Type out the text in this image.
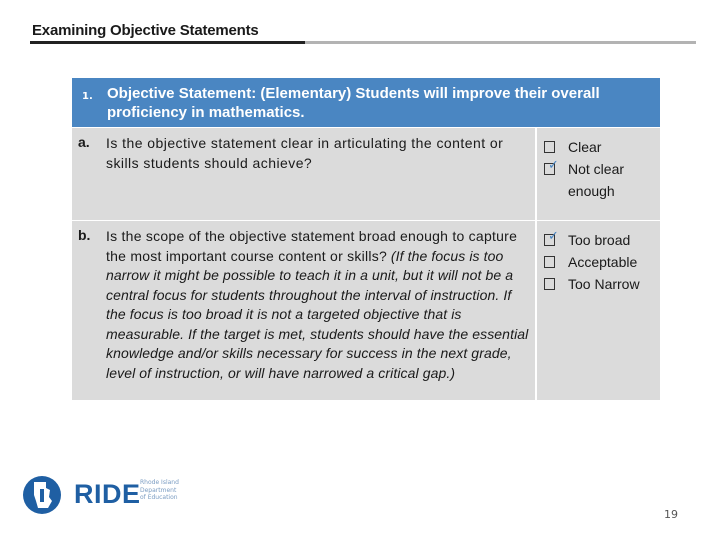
Examining Objective Statements
1. Objective Statement: (Elementary) Students will improve their overall proficiency in mathematics.
a. Is the objective statement clear in articulating the content or skills students should achieve?
Clear
✓ Not clear enough
b. Is the scope of the objective statement broad enough to capture the most important course content or skills? (If the focus is too narrow it might be possible to teach it in a unit, but it will not be a central focus for students throughout the interval of instruction. If the focus is too broad it is not a targeted objective that is measurable. If the target is met, students should have the essential knowledge and/or skills necessary for success in the next grade, level of instruction, or will have narrowed a critical gap.)
✓ Too broad
Acceptable
Too Narrow
RIDE Rhode Island
Department
of Education
19
